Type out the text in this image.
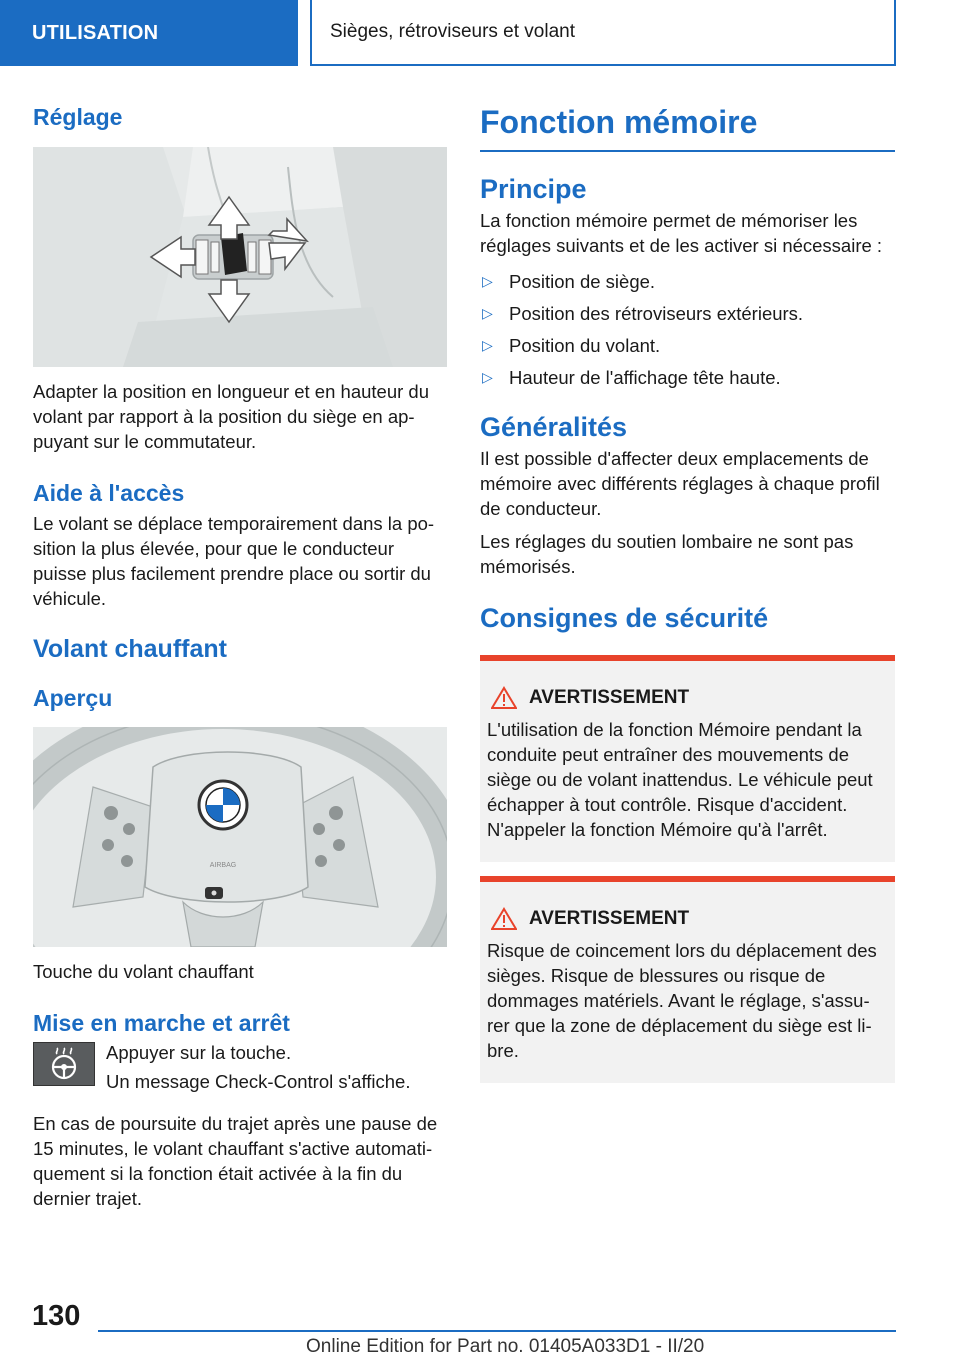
UTILISATION	Sièges, rétroviseurs et volant
Réglage

Adapter la position en longueur et en hauteur du volant par rapport à la position du siège en ap- puyant sur le commutateur.

Aide à l'accès

Le volant se déplace temporairement dans la po- sition la plus élevée, pour que le conducteur puisse plus facilement prendre place ou sortir du véhicule.

Volant chauffant
Aperçu
AIRBAG

Touche du volant chauffant

Mise en marche et arrêt

Appuyer sur la touche.

Un message Check-Control s'affiche.

En cas de poursuite du trajet après une pause de 15 minutes, le volant chauffant s'active automati- quement si la fonction était activée à la fin du dernier trajet.

Fonction mémoire
Principe

La fonction mémoire permet de mémoriser les réglages suivants et de les activer si nécessaire :

▷ Position de siège.
▷ Position des rétroviseurs extérieurs.
▷ Position du volant.
▷ Hauteur de l'affichage tête haute.
Généralités

Il est possible d'affecter deux emplacements de mémoire avec différents réglages à chaque profil de conducteur.

Les réglages du soutien lombaire ne sont pas mémorisés.

Consignes de sécurité
AVERTISSEMENT

L'utilisation de la fonction Mémoire pendant la conduite peut entraîner des mouvements de siège ou de volant inattendus. Le véhicule peut échapper à tout contrôle. Risque d'accident. N'appeler la fonction Mémoire qu'à l'arrêt.

AVERTISSEMENT

Risque de coincement lors du déplacement des sièges. Risque de blessures ou risque de dommages matériels. Avant le réglage, s'assu- rer que la zone de déplacement du siège est li- bre.

130
Online Edition for Part no. 01405A033D1 - II/20
